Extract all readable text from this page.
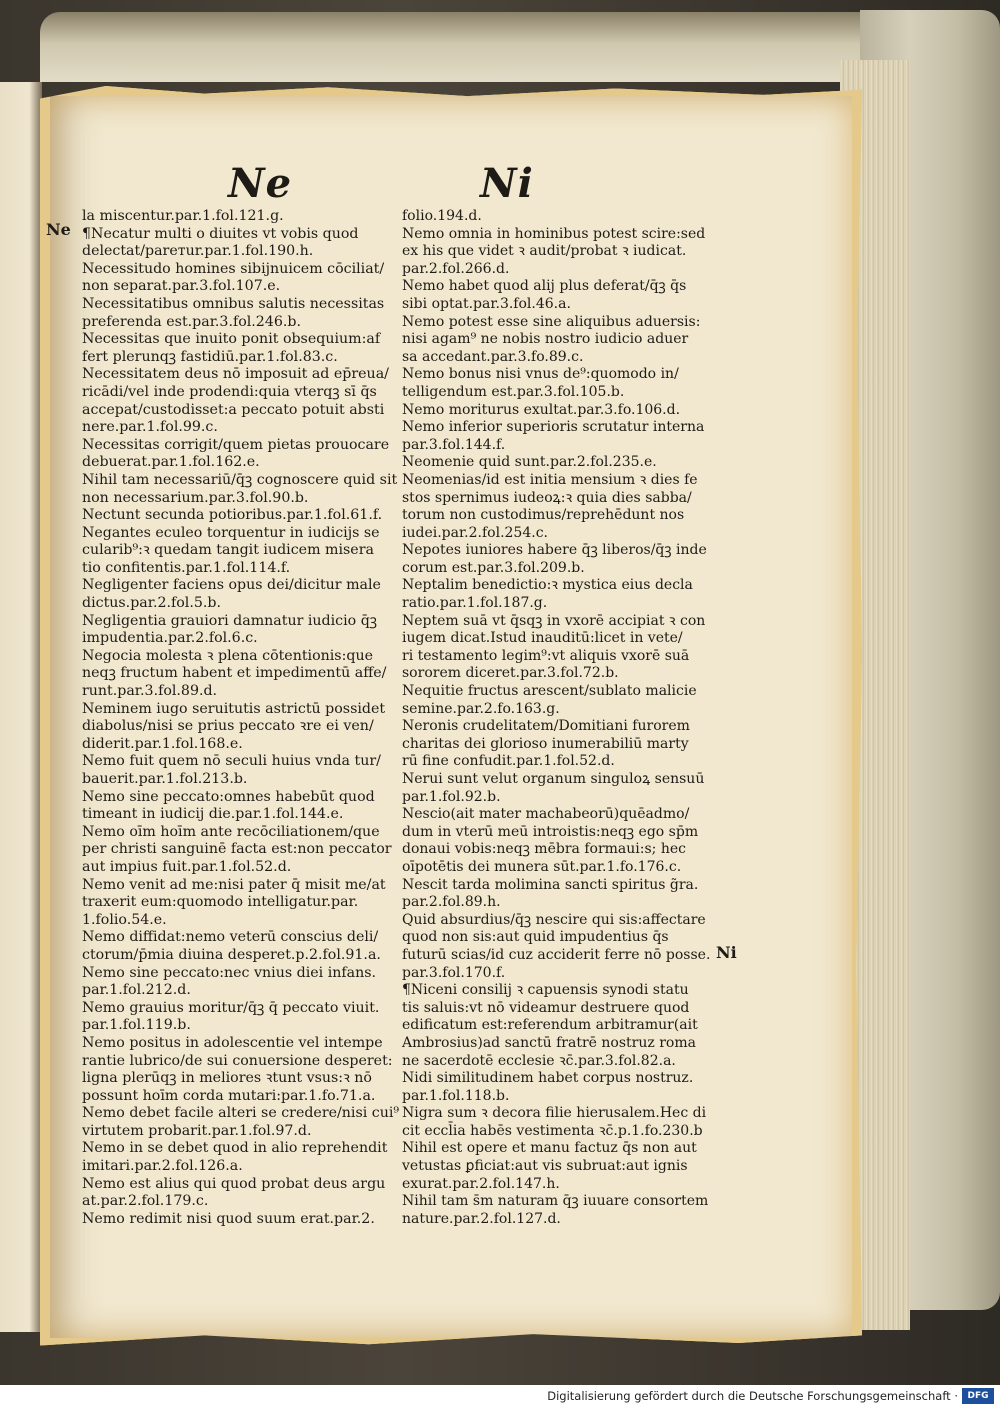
Ne	Ni
Ne
Ni
la miscentur.par.1.fol.121.g.
¶Necatur multi o diuites vt vobis quod
delectat/pareтur.par.1.fol.190.h.
Necessitudo homines sibijnuicem cōciliat/
non separat.par.3.fol.107.e.
Necessitatibus omnibus salutis necessitas
preferenda est.par.3.fol.246.b.
Necessitas que inuito ponit obsequium:af
fert plerunqꝫ fastidiū.par.1.fol.83.c.
Necessitatem deus nō imposuit ad ep̄reua/
ricādi/vel inde prodendi:quia vterqꝫ sī q̄s
accepat/custodisset:a peccato potuit absti
nere.par.1.fol.99.c.
Necessitas corrigit/quem pietas prouocare
debuerat.par.1.fol.162.e.
Nihil tam necessariū/q̄ꝫ cognoscere quid sit
non necessarium.par.3.fol.90.b.
Nectunt secunda potioribus.par.1.fol.61.f.
Negantes eculeo torquentur in iudicijs se
cularib⁹:ꝛ quedam tangit iudicem misera
tio confitentis.par.1.fol.114.f.
Negligenter faciens opus dei/dicitur male
dictus.par.2.fol.5.b.
Negligentia grauiori damnatur iudicio q̄ꝫ
impudentia.par.2.fol.6.c.
Negocia molesta ꝛ plena cōtentionis:que
neqꝫ fructum habent et impedimentū affe/
runt.par.3.fol.89.d.
Neminem iugo seruitutis astrictū possidet
diabolus/nisi se prius peccato ꝛre ei ven/
diderit.par.1.fol.168.e.
Nemo fuit quem nō seculi huius vnda tur/
bauerit.par.1.fol.213.b.
Nemo sine peccato:omnes habebūt quod
timeant in iudicij die.par.1.fol.144.e.
Nemo oīm hoīm ante recōciliationem/que
per christi sanguinē facta est:non peccator
aut impius fuit.par.1.fol.52.d.
Nemo venit ad me:nisi pater q̄ misit me/at
traxerit eum:quomodo intelligatur.par.
1.folio.54.e.
Nemo diffidat:nemo veterū conscius deli/
ctorum/p̄mia diuina desperet.p.2.fol.91.a.
Nemo sine peccato:nec vnius diei infans.
par.1.fol.212.d.
Nemo grauius moritur/q̄ꝫ q̄ peccato viuit.
par.1.fol.119.b.
Nemo positus in adolescentie vel intempe
rantie lubrico/de sui conuersione desperet:
ligna plerūqꝫ in meliores ꝛtunt vsus:ꝛ nō
possunt hoīm corda mutari:par.1.fo.71.a.
Nemo debet facile alteri se credere/nisi cui⁹
virtutem probarit.par.1.fol.97.d.
Nemo in se debet quod in alio reprehendit
imitari.par.2.fol.126.a.
Nemo est alius qui quod probat deus argu
at.par.2.fol.179.c.
Nemo redimit nisi quod suum erat.par.2.
folio.194.d.
Nemo omnia in hominibus potest scire:sed
ex his que videt ꝛ audit/probat ꝛ iudicat.
par.2.fol.266.d.
Nemo habet quod alij plus deferat/q̄ꝫ q̄s
sibi optat.par.3.fol.46.a.
Nemo potest esse sine aliquibus aduersis:
nisi agam⁹ ne nobis nostro iudicio aduer
sa accedant.par.3.fo.89.c.
Nemo bonus nisi vnus de⁹:quomodo in/
telligendum est.par.3.fol.105.b.
Nemo moriturus exultat.par.3.fo.106.d.
Nemo inferior superioris scrutatur interna
par.3.fol.144.f.
Neomenie quid sunt.par.2.fol.235.e.
Neomenias/id est initia mensium ꝛ dies fe
stos spernimus iudeoꝝ:ꝛ quia dies sabba/
torum non custodimus/reprehēdunt nos
iudei.par.2.fol.254.c.
Nepotes iuniores habere q̄ꝫ liberos/q̄ꝫ inde
corum est.par.3.fol.209.b.
Neptalim benedictio:ꝛ mystica eius decla
ratio.par.1.fol.187.g.
Neptem suā vt q̄sqꝫ in vxorē accipiat ꝛ con
iugem dicat.Istud inauditū:licet in vete/
ri testamento legim⁹:vt aliquis vxorē suā
sororem diceret.par.3.fol.72.b.
Nequitie fructus arescent/sublato malicie
semine.par.2.fo.163.g.
Neronis crudelitatem/Domitiani furorem
charitas dei glorioso inumerabiliū marty
rū fine confudit.par.1.fol.52.d.
Nerui sunt velut organum singuloꝝ sensuū
par.1.fol.92.b.
Nescio(ait mater machabeorū)quēadmo/
dum in vterū meū introistis:neqꝫ ego sp̄m
donaui vobis:neqꝫ mēbra formaui:s; hec
oīpotētis dei munera sūt.par.1.fo.176.c.
Nescit tarda molimina sancti spiritus g̃ra.
par.2.fol.89.h.
Quid absurdius/q̄ꝫ nescire qui sis:affectare
quod non sis:aut quid impudentius q̄s
futurū scias/id cuz acciderit ferre nō posse.
par.3.fol.170.f.
¶Niceni consilij ꝛ capuensis synodi statu
tis saluis:vt nō videamur destruere quod
edificatum est:referendum arbitramur(ait
Ambrosius)ad sanctū fratrē nostruz roma
ne sacerdotē ecclesie ꝛc̄.par.3.fol.82.a.
Nidi similitudinem habet corpus nostruz.
par.1.fol.118.b.
Nigra sum ꝛ decora filie hierusalem.Hec di
cit eccl̄ia habēs vestimenta ꝛc̄.p.1.fo.230.b
Nihil est opere et manu factuz q̄s non aut
vetustas ꝑficiat:aut vis subruat:aut ignis
exurat.par.2.fol.147.h.
Nihil tam s̄m naturam q̄ꝫ iuuare consortem
nature.par.2.fol.127.d.
Digitalisierung gefördert durch die Deutsche Forschungsgemeinschaft ·	DFG
